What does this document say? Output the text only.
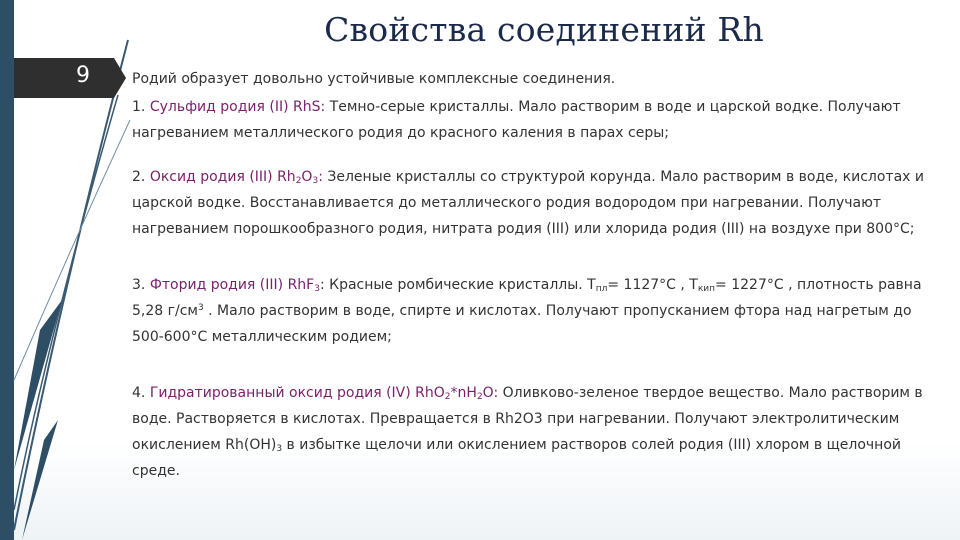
Свойства соединений Rh
9	Родий образует довольно устойчивые комплексные соединения.

1. Сульфид родия (II) RhS: Темно-серые кристаллы. Мало растворим в воде и царской водке. Получают нагреванием металлического родия до красного каления в парах серы;

2. Оксид родия (III) $Rh_2O_3$: Зеленые кристаллы со структурой корунда. Мало растворим в воде, кислотах и царской водке. Восстанавливается до металлического родия водородом при нагревании. Получают нагреванием порошкообразного родия, нитрата родия (III) или хлорида родия (III) на воздухе при 800°С;

3. Фторид родия (III) RhF$_3$: Красные ромбические кристаллы. $Т_{пл}= 1127^\circ С$ , $Т_{кип}= 1227^\circ С$ , плотность равна 5,28 $г/см^3$ . Мало растворим в воде, спирте и кислотах. Получают пропусканием фтора над нагретым до 500-600°С металлическим родием;

4. Гидратированный оксид родия (IV) $RhO_2*nH_2O$: Оливково-зеленое твердое вещество. Мало растворим в воде. Растворяется в кислотах. Превращается в Rh2O3 при нагревании. Получают электролитическим окислением $Rh(OH)_3$ в избытке щелочи или окислением растворов солей родия (III) хлором в щелочной среде.
